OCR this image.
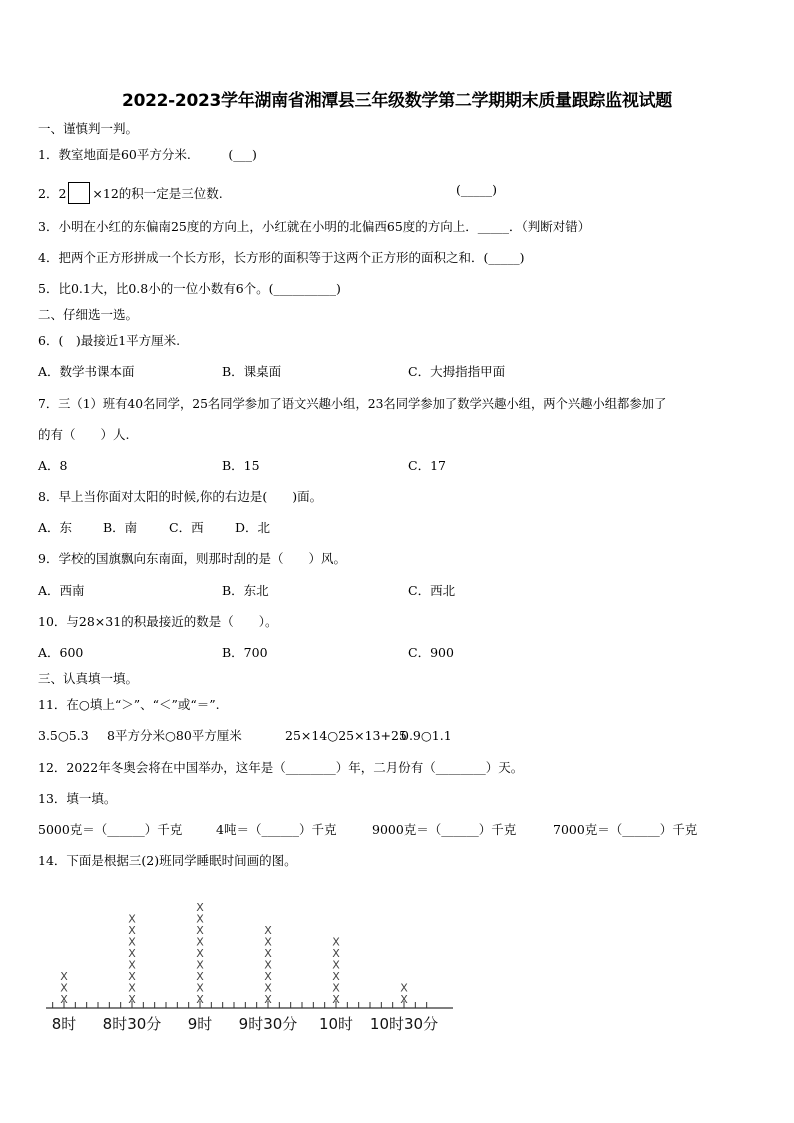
2022-2023学年湖南省湘潭县三年级数学第二学期期末质量跟踪监视试题
一、谨慎判一判。
1．教室地面是60平方分米.　　　(___)
2．2 ×12的积一定是三位数.	(_____)
3．小明在小红的东偏南25度的方向上，小红就在小明的北偏西65度的方向上．_____．（判断对错）
4．把两个正方形拼成一个长方形，长方形的面积等于这两个正方形的面积之和．(_____)
5．比0.1大，比0.8小的一位小数有6个。(__________)
二、仔细选一选。
6．(　)最接近1平方厘米.
A．数学书课本面	B．课桌面	C．大拇指指甲面
7．三（1）班有40名同学，25名同学参加了语文兴趣小组，23名同学参加了数学兴趣小组，两个兴趣小组都参加了
的有（　　）人.
A．8	B．15	C．17
8．早上当你面对太阳的时候,你的右边是(　　)面。
A．东 B．南	C．西	D．北
9．学校的国旗飘向东南面，则那时刮的是（　　）风。
A．西南	B．东北	C．西北
10．与28×31的积最接近的数是（　　）。
A．600	B．700	C．900
三、认真填一填。
11．在○填上“＞”、“＜”或“＝”.
3.5○5.3 8平方分米○80平方厘米	25×14○25×13+25
0.9○1.1
12．2022年冬奥会将在中国举办，这年是（________）年，二月份有（________）天。
13．填一填。
5000克＝（______）千克	4吨＝（______）千克	9000克＝（______）千克	7000克＝（______）千克
14．下面是根据三(2)班同学睡眠时间画的图。
8时
X
X
X
8时30分
X
X
X
X
X
X
X
X
9时
X
X
X
X
X
X
X
X
X
9时30分
X
X
X
X
X
X
X
10时
X
X
X
X
X
X
10时30分
X
X
